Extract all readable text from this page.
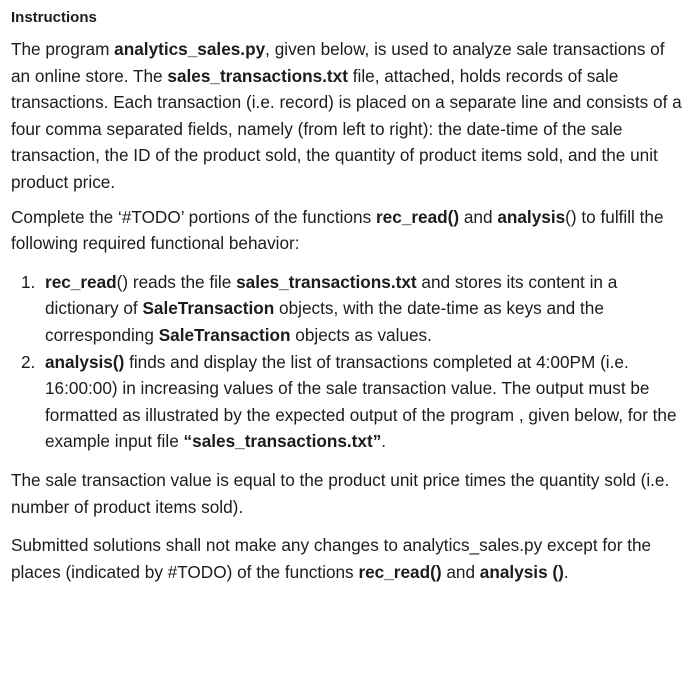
Instructions

The program analytics_sales.py, given below, is used to analyze sale transactions of an online store. The sales_transactions.txt file, attached, holds records of sale transactions. Each transaction (i.e. record) is placed on a separate line and consists of a four comma separated fields, namely (from left to right): the date-time of the sale transaction, the ID of the product sold, the quantity of product items sold, and the unit product price.

Complete the ‘#TODO’ portions of the functions rec_read() and analysis() to fulfill the following required functional behavior:

1. rec_read() reads the file sales_transactions.txt and stores its content in a dictionary of SaleTransaction objects, with the date-time as keys and the corresponding SaleTransaction objects as values.
2. analysis() finds and display the list of transactions completed at 4:00PM (i.e. 16:00:00) in increasing values of the sale transaction value. The output must be formatted as illustrated by the expected output of the program , given below, for the example input file “sales_transactions.txt”.

The sale transaction value is equal to the product unit price times the quantity sold (i.e. number of product items sold).

Submitted solutions shall not make any changes to analytics_sales.py except for the places (indicated by #TODO) of the functions rec_read() and analysis ().
